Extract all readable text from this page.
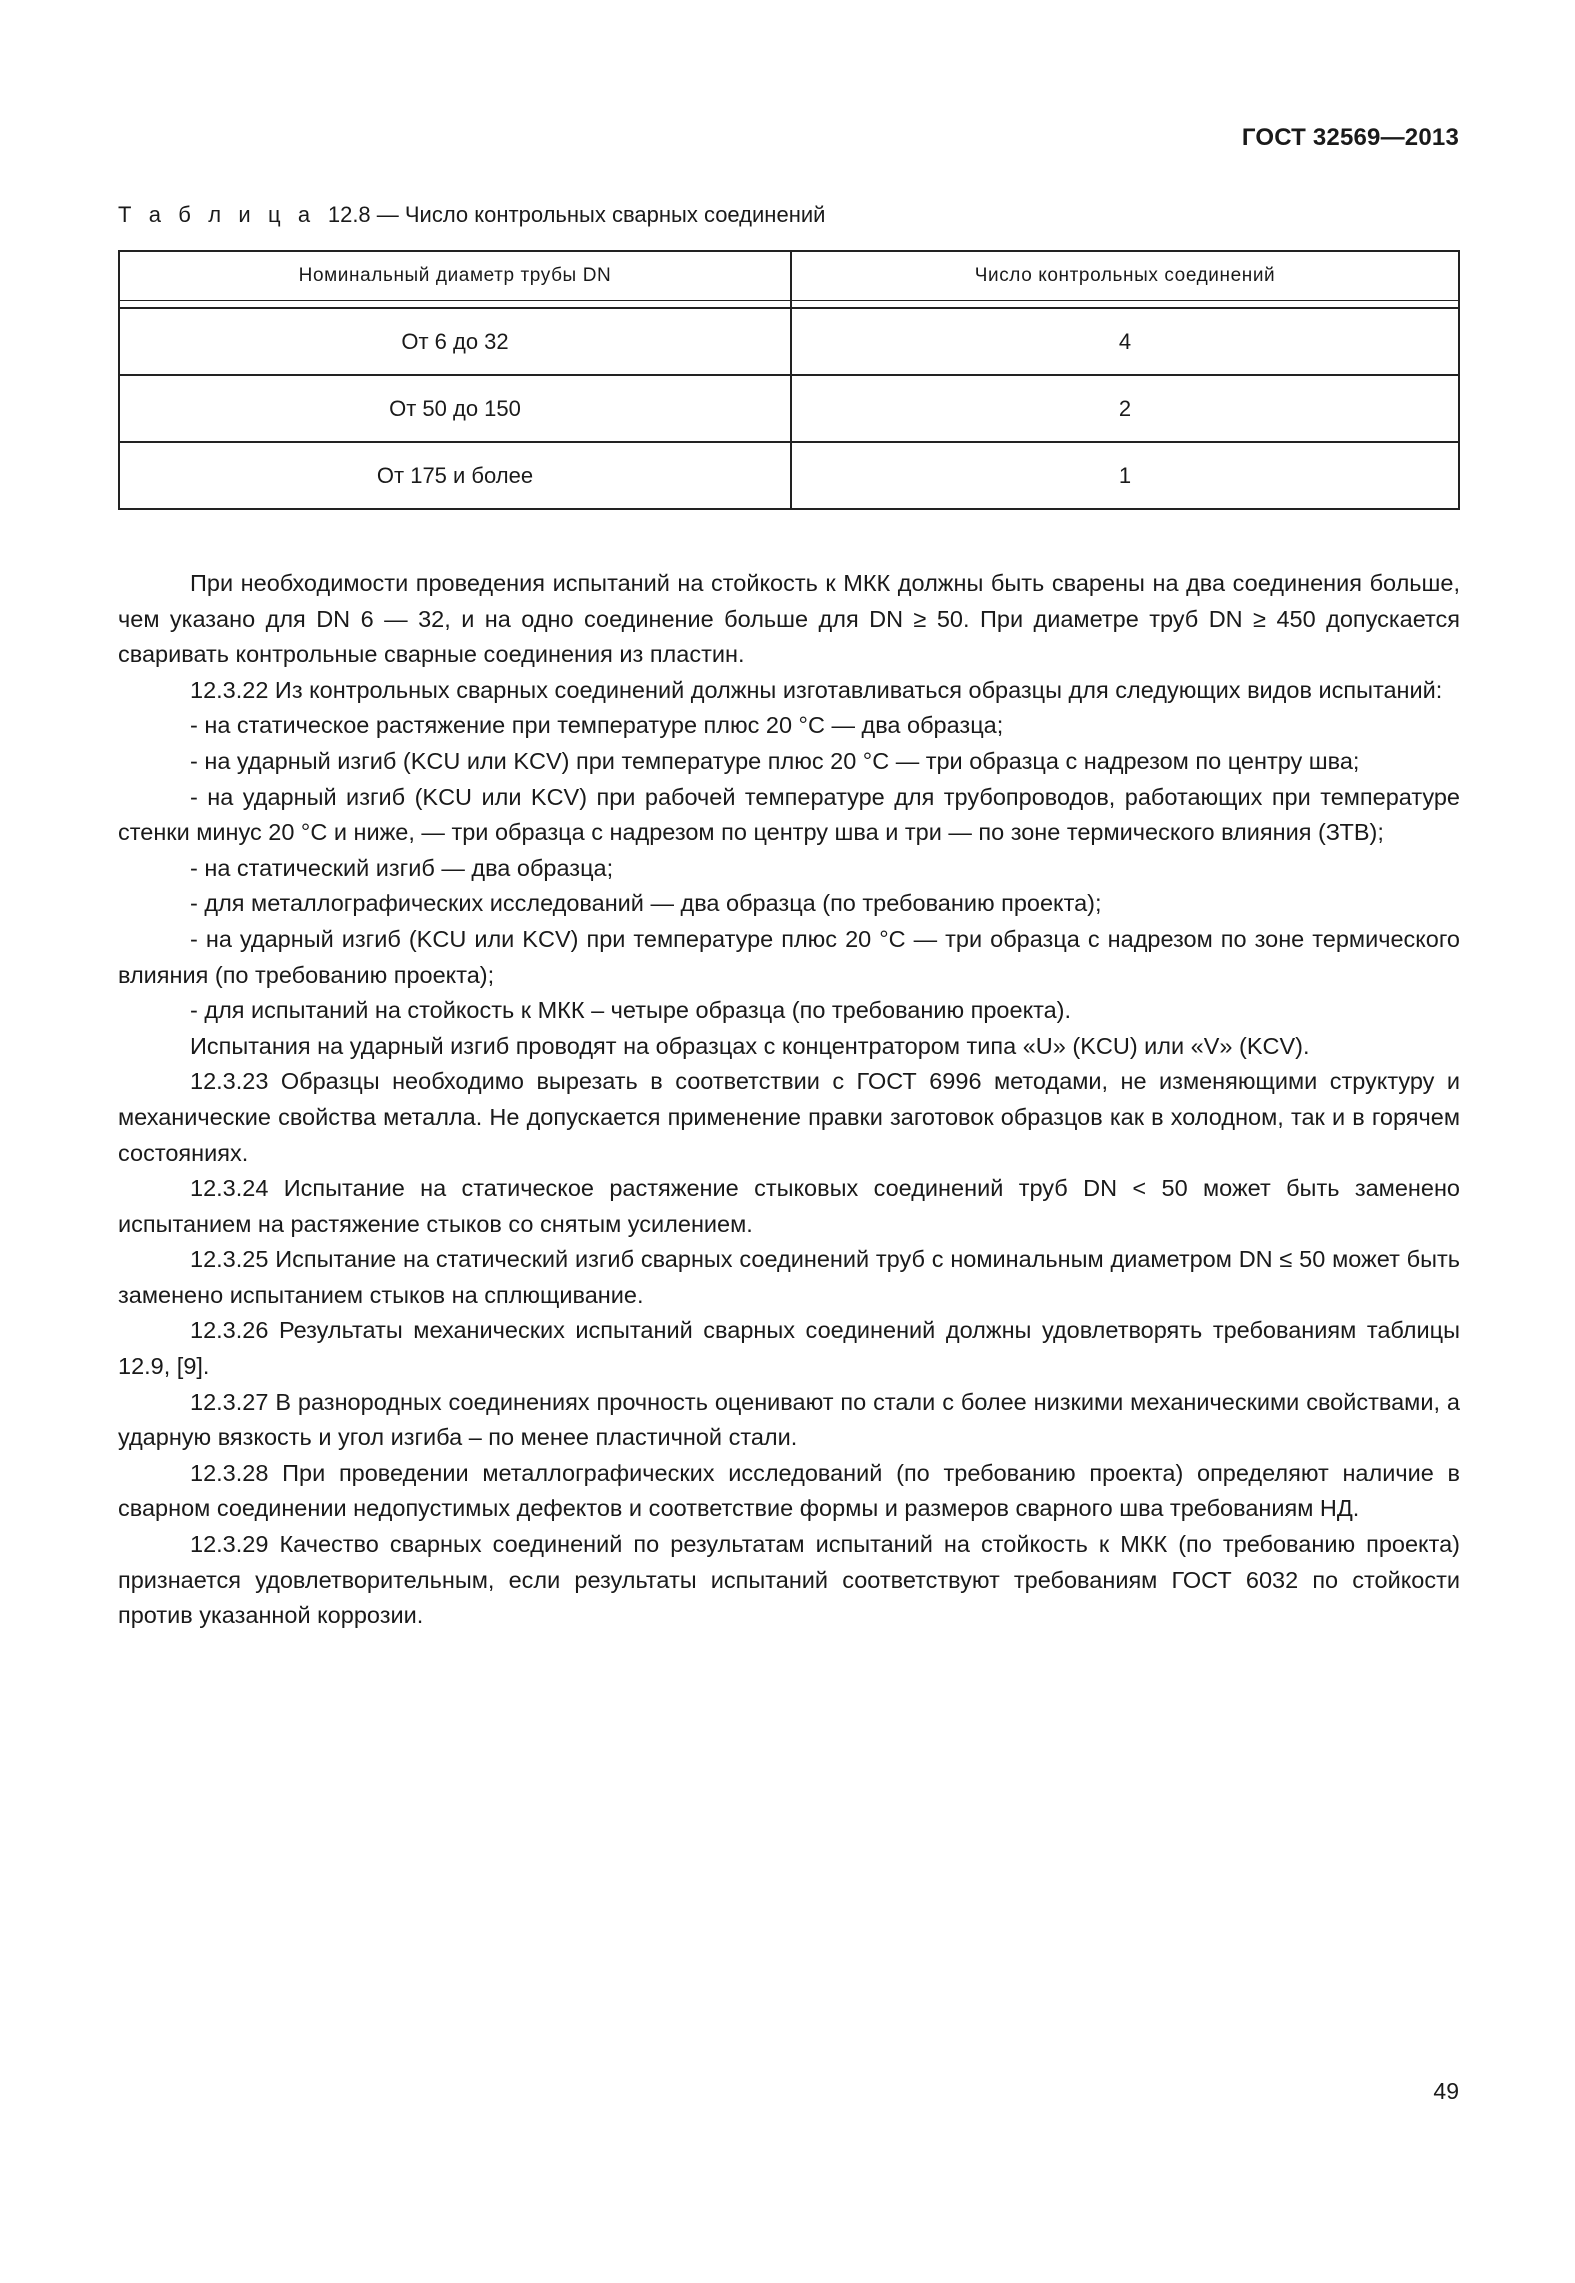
ГОСТ 32569—2013
Т а б л и ц а 12.8 — Число контрольных сварных соединений
Номинальный диаметр трубы DN	Число контрольных соединений

От 6 до 32	4
От 50 до 150	2
От 175 и более	1

При необходимости проведения испытаний на стойкость к МКК должны быть сварены на два соединения больше, чем указано для DN 6 — 32, и на одно соединение больше для DN ≥ 50. При диаметре труб DN ≥ 450 допускается сваривать контрольные сварные соединения из пластин.

12.3.22 Из контрольных сварных соединений должны изготавливаться образцы для следующих видов испытаний:

- на статическое растяжение при температуре плюс 20 °С — два образца;

- на ударный изгиб (KCU или KCV) при температуре плюс 20 °С — три образца с надрезом по центру шва;

- на ударный изгиб (KCU или KCV) при рабочей температуре для трубопроводов, работающих при температуре стенки минус 20 °С и ниже, — три образца с надрезом по центру шва и три — по зоне термического влияния (ЗТВ);

- на статический изгиб — два образца;

- для металлографических исследований — два образца (по требованию проекта);

- на ударный изгиб (KCU или KCV) при температуре плюс 20 °С — три образца с надрезом по зоне термического влияния (по требованию проекта);

- для испытаний на стойкость к МКК – четыре образца (по требованию проекта).

Испытания на ударный изгиб проводят на образцах с концентратором типа «U» (KCU) или «V» (KCV).

12.3.23 Образцы необходимо вырезать в соответствии с ГОСТ 6996 методами, не изменяющими структуру и механические свойства металла. Не допускается применение правки заготовок образцов как в холодном, так и в горячем состояниях.

12.3.24 Испытание на статическое растяжение стыковых соединений труб DN < 50 может быть заменено испытанием на растяжение стыков со снятым усилением.

12.3.25 Испытание на статический изгиб сварных соединений труб с номинальным диаметром DN ≤ 50 может быть заменено испытанием стыков на сплющивание.

12.3.26 Результаты механических испытаний сварных соединений должны удовлетворять требованиям таблицы 12.9, [9].

12.3.27 В разнородных соединениях прочность оценивают по стали с более низкими механическими свойствами, а ударную вязкость и угол изгиба – по менее пластичной стали.

12.3.28 При проведении металлографических исследований (по требованию проекта) определяют наличие в сварном соединении недопустимых дефектов и соответствие формы и размеров сварного шва требованиям НД.

12.3.29 Качество сварных соединений по результатам испытаний на стойкость к МКК (по требованию проекта) признается удовлетворительным, если результаты испытаний соответствуют требованиям ГОСТ 6032 по стойкости против указанной коррозии.

49
